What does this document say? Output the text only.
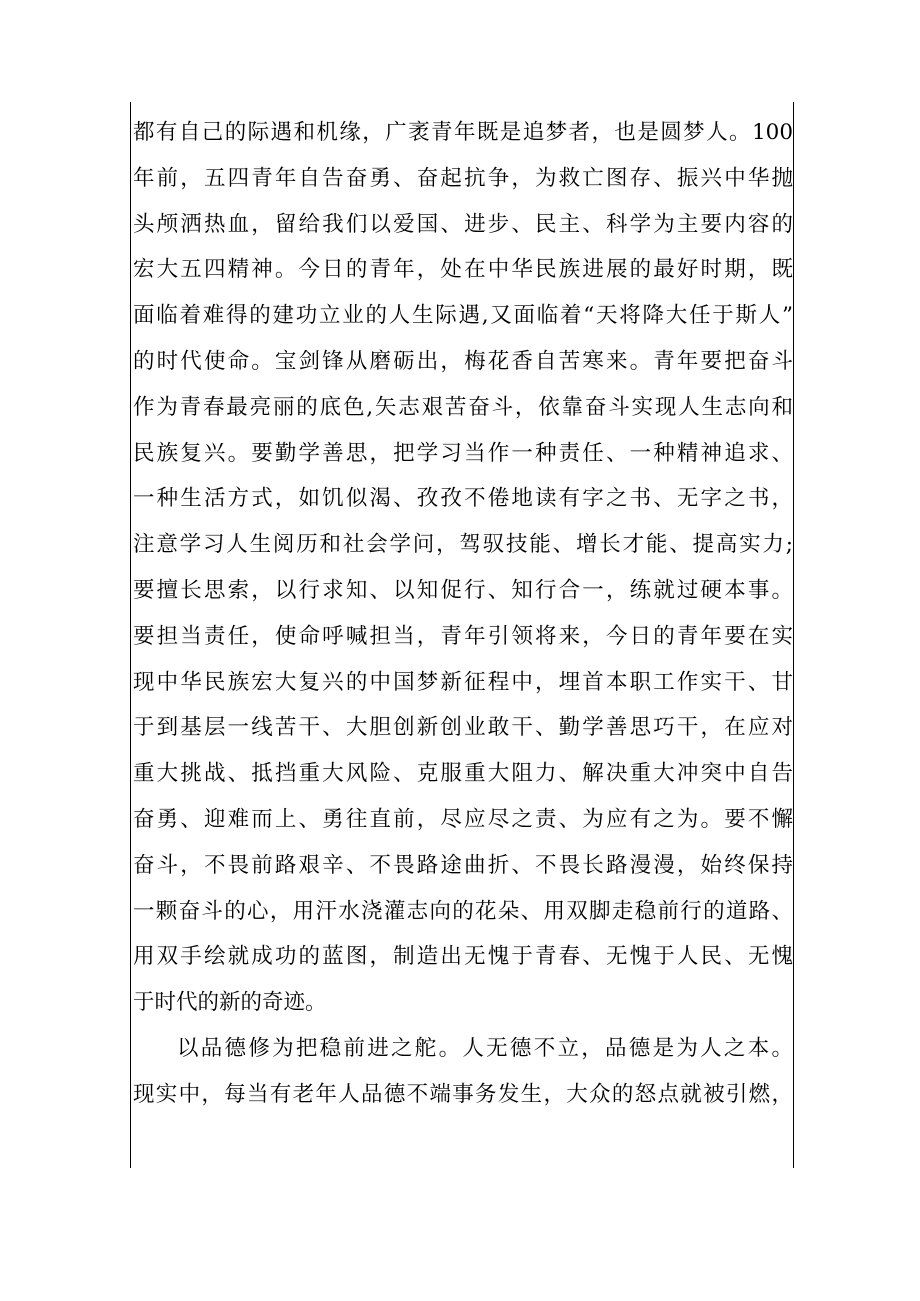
都有自己的际遇和机缘，广袤青年既是追梦者，也是圆梦人。100
年前，五四青年自告奋勇、奋起抗争，为救亡图存、振兴中华抛
头颅洒热血，留给我们以爱国、进步、民主、科学为主要内容的
宏大五四精神。今日的青年，处在中华民族进展的最好时期，既
面临着难得的建功立业的人生际遇,又面临着“天将降大任于斯人”
的时代使命。宝剑锋从磨砺出，梅花香自苦寒来。青年要把奋斗
作为青春最亮丽的底色,矢志艰苦奋斗，依靠奋斗实现人生志向和
民族复兴。要勤学善思，把学习当作一种责任、一种精神追求、
一种生活方式，如饥似渴、孜孜不倦地读有字之书、无字之书，
注意学习人生阅历和社会学问，驾驭技能、增长才能、提高实力;
要擅长思索，以行求知、以知促行、知行合一，练就过硬本事。
要担当责任，使命呼喊担当，青年引领将来，今日的青年要在实
现中华民族宏大复兴的中国梦新征程中，埋首本职工作实干、甘
于到基层一线苦干、大胆创新创业敢干、勤学善思巧干，在应对
重大挑战、抵挡重大风险、克服重大阻力、解决重大冲突中自告
奋勇、迎难而上、勇往直前，尽应尽之责、为应有之为。要不懈
奋斗，不畏前路艰辛、不畏路途曲折、不畏长路漫漫，始终保持
一颗奋斗的心，用汗水浇灌志向的花朵、用双脚走稳前行的道路、
用双手绘就成功的蓝图，制造出无愧于青春、无愧于人民、无愧
于时代的新的奇迹。
以品德修为把稳前进之舵。人无德不立，品德是为人之本。
现实中，每当有老年人品德不端事务发生，大众的怒点就被引燃，
